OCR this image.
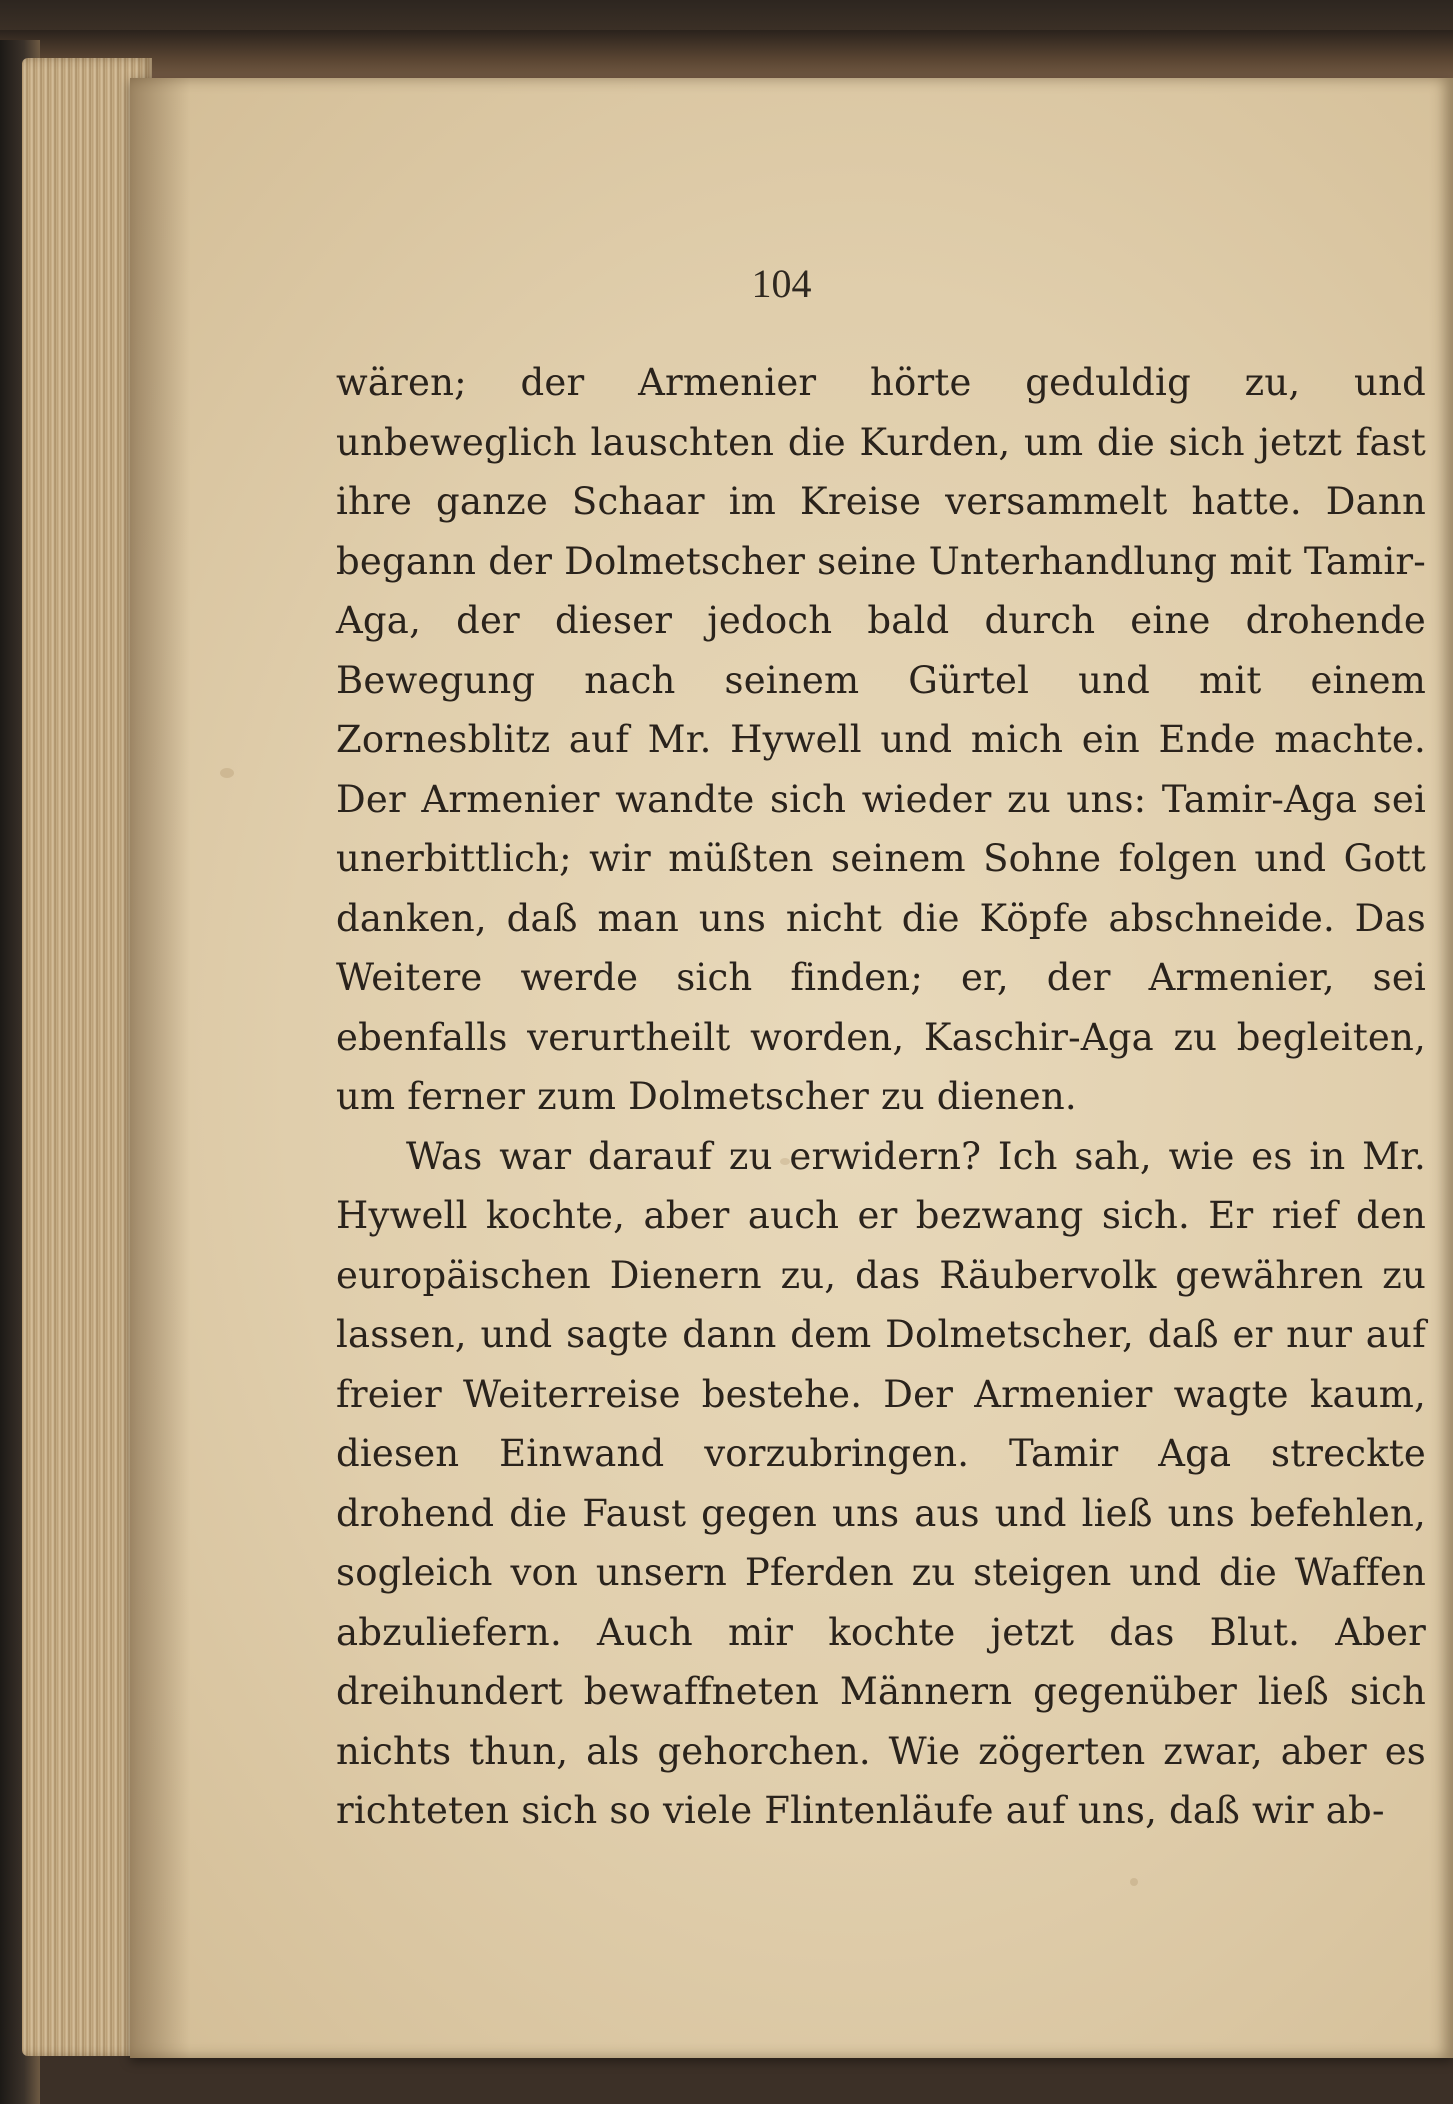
104

wären; der Armenier hörte geduldig zu, und unbeweglich lauschten die Kurden, um die sich jetzt fast ihre ganze Schaar im Kreise versammelt hatte. Dann begann der Dolmetscher seine Unterhandlung mit Tamir-Aga, der dieser jedoch bald durch eine drohende Bewegung nach seinem Gürtel und mit einem Zornesblitz auf Mr. Hywell und mich ein Ende machte. Der Armenier wandte sich wieder zu uns: Tamir-Aga sei unerbittlich; wir müßten seinem Sohne folgen und Gott danken, daß man uns nicht die Köpfe abschneide. Das Weitere werde sich finden; er, der Armenier, sei ebenfalls verurtheilt worden, Kaschir-Aga zu begleiten, um ferner zum Dolmetscher zu dienen.

Was war darauf zu erwidern? Ich sah, wie es in Mr. Hywell kochte, aber auch er bezwang sich. Er rief den europäischen Dienern zu, das Räubervolk gewähren zu lassen, und sagte dann dem Dolmetscher, daß er nur auf freier Weiterreise bestehe. Der Armenier wagte kaum, diesen Einwand vorzubringen. Tamir Aga streckte drohend die Faust gegen uns aus und ließ uns befehlen, sogleich von unsern Pferden zu steigen und die Waffen abzuliefern. Auch mir kochte jetzt das Blut. Aber dreihundert bewaffneten Männern gegenüber ließ sich nichts thun, als gehorchen. Wie zögerten zwar, aber es richteten sich so viele Flintenläufe auf uns, daß wir ab-
